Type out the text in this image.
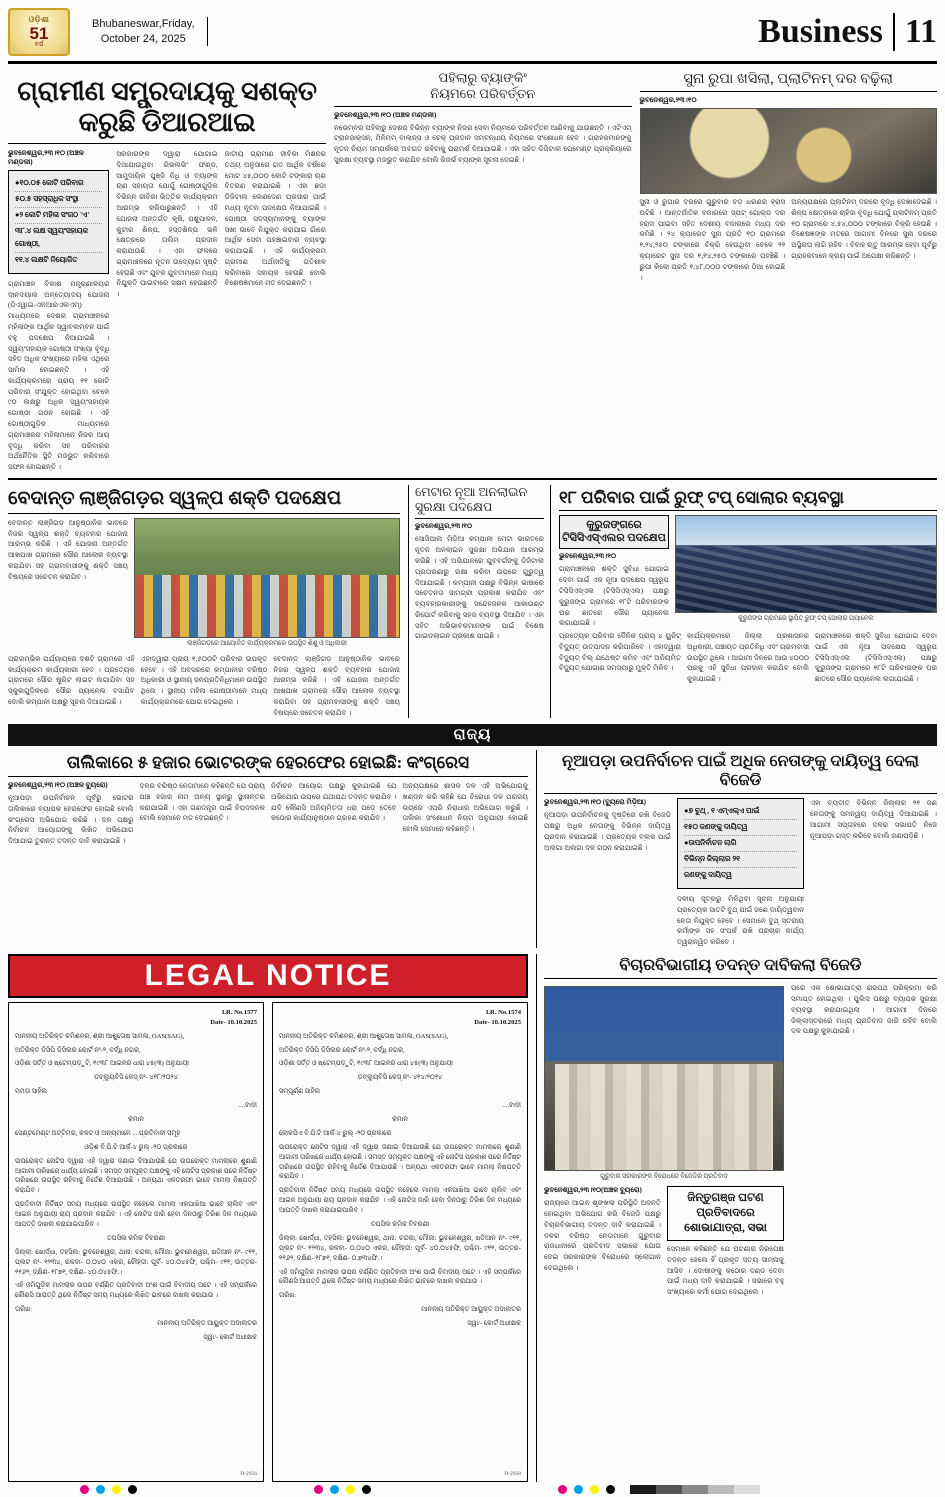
ଓଡ଼ିଶା
51
ବର୍ଷ
Bhubaneswar,Friday,
October 24, 2025	Business 11
ଗ୍ରାମୀଣ ସମ୍ପ୍ରଦାୟକୁ ସଶକ୍ତ କରୁଛି ଡିଆରଆଇ
ଭୁବନେଶ୍ୱର,୨୩।୧୦ (ଅଞ୍ଚଳ ମଣ୍ଡଳୀ)
●୧୦.୦୫ କୋଟି ପରିବାର
୫୦.୫ ସହସ୍ରାଧିକ ସଂସ୍ଥା
●୨ କୋଟି ମହିଳା ସଂଗଠ 'ଏ'
୩୮.୪ ଲକ୍ଷ ସ୍ୱୟଂସହାୟକ ଗୋଷ୍ଠୀ,
୧୧.୪ ଲକ୍ଷଟି ନିୟୋଜିତ
ଗ୍ରାମାଞ୍ଚଳ ବିକାଶ ମନ୍ତ୍ରଣାଳୟର ଦୀନଦୟାଲ ଅନ୍ତ୍ୟୋଦୟ ଯୋଜନା (ଡିଏୱାଇ-ଏନଆରଏଲଏମ୍) ମାଧ୍ୟମରେ ଦେଶର ଗ୍ରାମାଞ୍ଚଳରେ ମହିଳାଙ୍କ ଆର୍ଥିକ ସ୍ୱାବଲମ୍ବନ ପାଇଁ ବହୁ ପଦକ୍ଷେପ ନିଆଯାଇଛି । ସ୍ୱୟଂସହାୟକ ଗୋଷ୍ଠୀ ସଂଖ୍ୟା ବୃଦ୍ଧି ସହିତ ଅଧିକ ସଂଖ୍ୟାରେ ମହିଳା ଏଥିରେ ସାମିଲ ହୋଇଛନ୍ତି । ଏହି କାର୍ଯ୍ୟକ୍ରମରେ ପ୍ରାୟ ୧୧ କୋଟି ପରିବାର ସଂଯୁକ୍ତ ହୋଇଥିବା ବେଳେ ୯୦ ଲକ୍ଷରୁ ଅଧିକ ସ୍ୱୟଂସହାୟକ ଗୋଷ୍ଠୀ ଗଠନ ହୋଇଛି । ଏହି ଗୋଷ୍ଠୀଗୁଡ଼ିକ ମାଧ୍ୟମରେ ଗ୍ରାମାଞ୍ଚଳର ମହିଳାମାନେ ନିଜର ଆୟ ବୃଦ୍ଧି କରିବା ସହ ପରିବାରର ଅର୍ଥନୈତିକ ସ୍ଥିତି ମଜଭୁତ କରିବାରେ ସଫଳ ହୋଇଛନ୍ତି ।
ସରକାରଙ୍କ ଦ୍ୱାରା ଯୋଗାଇ ଦିଆଯାଉଥିବା ରିଭଲଭିଂ ଫଣ୍ଡ, ସାମୁଦାୟିକ ପୁଞ୍ଜି ନିଧି ଓ ବ୍ୟାଙ୍କ ଋଣ ସହାୟତା ଯୋଗୁଁ ଗୋଷ୍ଠୀଗୁଡ଼ିକ ବିଭିନ୍ନ ଜୀବିକା ଭିତ୍ତିକ କାର୍ଯ୍ୟକ୍ରମ ଆରମ୍ଭ କରିପାରୁଛନ୍ତି । ଏହି ଯୋଜନା ଅନ୍ତର୍ଗତ କୃଷି, ପଶୁପାଳନ, କୁଟୀର ଶିଳ୍ପ, ହସ୍ତଶିଳ୍ପ ଭଳି କ୍ଷେତ୍ରରେ ତାଲିମ ପ୍ରଦାନ କରାଯାଉଛି । ଏହା ଫଳରେ ଗ୍ରାମାଞ୍ଚଳରେ ନୂତନ ଉଦ୍ୟୋଗ ସୃଷ୍ଟି ହେଉଛି ଏବଂ ଯୁବକ ଯୁବତୀମାନେ ମଧ୍ୟ ନିଯୁକ୍ତି ପାଇବାରେ ସକ୍ଷମ ହେଉଛନ୍ତି ।
ଜାତୀୟ ଗ୍ରାମୀଣ ଜୀବିକା ମିଶନର ତଥ୍ୟ ଅନୁସାରେ ଗତ ଆର୍ଥିକ ବର୍ଷରେ ମୋଟ ୪୫,୦୦୦ କୋଟି ଟଙ୍କାର ଋଣ ବିତରଣ କରାଯାଇଛି । ଏହା ଛଡ଼ା ଡିଜିଟାଲ ଲେଣଦେଣ ପ୍ରସାର ପାଇଁ ମଧ୍ୟ ନୂତନ ପଦକ୍ଷେପ ନିଆଯାଇଛି । ଗୋଷ୍ଠୀ ସଦସ୍ୟମାନଙ୍କୁ ବ୍ୟାଙ୍କ ସଖୀ ଭାବେ ନିଯୁକ୍ତ କରାଯାଇ ଗାଁରେ ଆର୍ଥିକ ସେବା ପହଞ୍ଚାଇବାର ବ୍ୟବସ୍ଥା କରାଯାଇଛି । ଏହି କାର୍ଯ୍ୟକ୍ରମ ଗ୍ରାମୀଣ ଅର୍ଥନୀତିକୁ ଗତିଶୀଳ କରିବାରେ ସହାୟକ ହେଉଛି ବୋଲି ବିଶେଷଜ୍ଞମାନେ ମତ ଦେଇଛନ୍ତି ।
ପହିଲାରୁ ବ୍ୟାଙ୍କିଂ
ନିୟମରେ ପରିବର୍ତ୍ତନ
ଭୁବନେଶ୍ୱର,୨୩।୧୦ (ଅଞ୍ଚଳ ମଣ୍ଡଳୀ)
ନଭେମ୍ବର ପହିଲାରୁ ଦେଶର ବିଭିନ୍ନ ବ୍ୟାଙ୍କ ନିଜର ସେବା ନିୟମରେ ପରିବର୍ତ୍ତନ ଆଣିବାକୁ ଯାଉଛନ୍ତି । ଏଟିଏମ୍ ଟ୍ରାନଜାକ୍ସନ, ମିନିମମ୍ ବାଲାନ୍ସ ଓ ଚେକ୍ ପ୍ରଦାନ ସମ୍ବନ୍ଧୀୟ ନିୟମରେ ସଂଶୋଧନ ହେବ । ଗ୍ରାହକମାନଙ୍କୁ ନୂତନ ନିୟମ ସମ୍ପର୍କରେ ଅବଗତ ରହିବାକୁ ପରାମର୍ଶ ଦିଆଯାଇଛି । ଏହା ସହିତ ଡିଜିଟାଲ ପେମେଣ୍ଟ ପ୍ରକ୍ରିୟାରେ ସୁରକ୍ଷା ବ୍ୟବସ୍ଥା ମଜଭୁତ କରାଯିବ ବୋଲି ରିଜର୍ଭ ବ୍ୟାଙ୍କ ସୂଚନା ଦେଇଛି ।
ସୁନା ରୁପା ଖସିଲା, ପ୍ଲାଟିନମ୍ ଦର ବଢ଼ିଲା
ଭୁବନେଶ୍ୱର,୨୩।୧୦
ସୁନା ଓ ରୁପାର ଦରରେ ଗୁରୁବାର ବଡ଼ ଧରଣର ହ୍ରାସ ଘଟିଛି । ଆନ୍ତର୍ଜାତିକ ବଜାରରେ ସ୍ପଟ୍ ଗୋଲ୍ଡ ଦର ହ୍ରାସ ପାଇବା ସହିତ ଦେଶୀୟ ବଜାରରେ ମଧ୍ୟ ଦର କମିଛି । ୨୪ କ୍ୟାରେଟ ସୁନା ପ୍ରତି ୧୦ ଗ୍ରାମରେ ୧,୨୪,୨୫୦ ଟଙ୍କାରେ ବିକ୍ରି ହେଉଥିବା ବେଳେ ୨୨ କ୍ୟାରେଟ ସୁନା ଦର ୧,୧୪,୨୫୦ ଟଙ୍କାରେ ପହଞ୍ଚିଛି । ରୁପା କିଲୋ ପ୍ରତି ୧,୪୮,୦୦୦ ଟଙ୍କାରେ ଠିଆ ହୋଇଛି ।
ଅନ୍ୟପକ୍ଷରେ ପ୍ଲାଟିନମ୍ ଦରରେ ବୃଦ୍ଧି ଦେଖାଦେଇଛି । ଶିଳ୍ପ କ୍ଷେତ୍ରରେ ଚାହିଦା ବୃଦ୍ଧି ଯୋଗୁଁ ପ୍ଲାଟିନମ୍ ପ୍ରତି ୧୦ ଗ୍ରାମରେ ୪,୫୪,୦୦୦ ଟଙ୍କାରେ ବିକ୍ରି ହେଉଛି । ବିଶେଷଜ୍ଞଙ୍କ ମତରେ ଆଗାମୀ ଦିନରେ ସୁନା ଦରରେ ଅସ୍ଥିରତା ଲାଗି ରହିବ । ବିବାହ ଋତୁ ଆରମ୍ଭ ହେବା ପୂର୍ବରୁ ଗ୍ରାହକମାନେ କ୍ରୟ ପାଇଁ ଅପେକ୍ଷା କରିଛନ୍ତି ।
ବେଦାନ୍ତ ଲାଞ୍ଜିଗଡ଼ର ସ୍ୱଳ୍ପ ଶକ୍ତି ପଦକ୍ଷେପ
ବେଦାନ୍ତ ଲାଞ୍ଜିଗଡ଼ ଆନୁଷ୍ଠାନିକ ଭାବରେ ନିଜର ସ୍ୱଳ୍ପ ଶକ୍ତି ବ୍ୟବହାର ଯୋଜନା ଆରମ୍ଭ କରିଛି । ଏହି ଯୋଜନା ଅନ୍ତର୍ଗତ ଆଖପାଖ ଗ୍ରାମରେ ସୌର ଆଲୋକ ବ୍ୟବସ୍ଥା କରାଯିବା ସହ ଗ୍ରାମବାସୀଙ୍କୁ ଶକ୍ତି ସଞ୍ଚୟ ବିଷୟରେ ସଚେତନ କରାଯିବ ।
ଲାଞ୍ଜିଗଡ଼ରେ ଆୟୋଜିତ କାର୍ଯ୍ୟକ୍ରମରେ ଉପସ୍ଥିତ ଶିଶୁ ଓ ଅଧିକାରୀ
ପ୍ରାରମ୍ଭିକ ପର୍ଯ୍ୟାୟରେ ଦଶଟି ଗ୍ରାମରେ ଏହି କାର୍ଯ୍ୟକ୍ରମ କାର୍ଯ୍ୟକାରୀ ହେବ । ପ୍ରତ୍ୟେକ ଗ୍ରାମରେ ସୌର ଷ୍ଟ୍ରିଟ ଲାଇଟ ଲଗାଯିବା ସହ ସ୍କୁଲଗୁଡ଼ିକରେ ସୌର ପ୍ୟାନେଲ ବସାଯିବ ବୋଲି କମ୍ପାନୀ ପକ୍ଷରୁ ସୂଚନା ଦିଆଯାଇଛି ।
ଏହାଦ୍ୱାରା ପ୍ରାୟ ୧,୫୦୦ଟି ପରିବାର ଉପକୃତ ହେବେ । ଏହି ଅବସରରେ କମ୍ପାନୀର ବରିଷ୍ଠ ଅଧିକାରୀ ଓ ସ୍ଥାନୀୟ ଜନପ୍ରତିନିଧିମାନେ ଉପସ୍ଥିତ ଥିଲେ । ସ୍ଥାନୀୟ ମହିଳା ଗୋଷ୍ଠୀମାନେ ମଧ୍ୟ କାର୍ଯ୍ୟକ୍ରମରେ ଯୋଗ ଦେଇଥିଲେ ।
ବେଦାନ୍ତ ଲାଞ୍ଜିଗଡ଼ ଆନୁଷ୍ଠାନିକ ଭାବରେ ନିଜର ସ୍ୱଳ୍ପ ଶକ୍ତି ବ୍ୟବହାର ଯୋଜନା ଆରମ୍ଭ କରିଛି । ଏହି ଯୋଜନା ଅନ୍ତର୍ଗତ ଆଖପାଖ ଗ୍ରାମରେ ସୌର ଆଲୋକ ବ୍ୟବସ୍ଥା କରାଯିବା ସହ ଗ୍ରାମବାସୀଙ୍କୁ ଶକ୍ତି ସଞ୍ଚୟ ବିଷୟରେ ସଚେତନ କରାଯିବ ।
ମେଟାର ନୂଆ ଅନଲାଇନ
ସୁରକ୍ଷା ପଦକ୍ଷେପ
ଭୁବନେଶ୍ୱର,୨୩।୧୦
ସୋସିଆଲ ମିଡ଼ିଆ କମ୍ପାନୀ ମେଟା ଭାରତରେ ନୂତନ ଅନଲାଇନ ସୁରକ୍ଷା ଅଭିଯାନ ଆରମ୍ଭ କରିଛି । ଏହି ଅଭିଯାନରେ ଯୁବବର୍ଗଙ୍କୁ ଡିଜିଟାଲ ପ୍ରତାରଣାରୁ ରକ୍ଷା କରିବା ଉପରେ ଗୁରୁତ୍ୱ ଦିଆଯାଇଛି । କମ୍ପାନୀ ପକ୍ଷରୁ ବିଭିନ୍ନ ଭାଷାରେ ସଚେତନତା ସାମଗ୍ରୀ ପ୍ରକାଶ କରାଯିବ ଏବଂ ବ୍ୟବହାରକାରୀଙ୍କୁ ସନ୍ଦେହଜନକ ଆକାଉଣ୍ଟ ରିପୋର୍ଟ କରିବାକୁ ସହଜ ବ୍ୟବସ୍ଥା ଦିଆଯିବ । ଏହା ସହିତ ଅଭିଭାବକମାନଙ୍କ ପାଇଁ ବିଶେଷ ଗାଇଡଲାଇନ ପ୍ରକାଶ ପାଇଛି ।
୧୮ ପରିବାର ପାଇଁ ରୁଫ୍ ଟପ୍ ସୋଲାର ବ୍ୟବସ୍ଥା
କୁରୁଜଙ୍ଗରେ
ଟିସିସିଏସ୍ଏଲର ପଦକ୍ଷେପ
ଭୁବନେଶ୍ୱର,୨୩।୧୦
ଗ୍ରାମାଞ୍ଚଳରେ ଶକ୍ତି ସୁବିଧା ଯୋଗାଇ ଦେବା ପାଇଁ ଏକ ନୂଆ ପଦକ୍ଷେପ ସ୍ୱରୂପ ଟିସିସିଏସ୍ଏଲ (ଟିସିସିଏସ୍ଏଲ) ପକ୍ଷରୁ କୁରୁଜଙ୍ଗ ଗ୍ରାମରେ ୧୮ଟି ପରିବାରଙ୍କ ଘର ଛାତରେ ସୌର ପ୍ୟାନେଲ ଲଗାଯାଇଛି ।
କୁରୁଜଙ୍ଗ ଗ୍ରାମରେ ସ୍ଥାପିତ ରୁଫ୍ ଟପ୍ ସୋଲାର ପ୍ୟାନେଲ
ପ୍ରତ୍ୟେକ ପରିବାର ଦୈନିକ ପ୍ରାୟ ୪ ୟୁନିଟ୍ ବିଦ୍ୟୁତ୍ ଉତ୍ପାଦନ କରିପାରିବେ । ଏହାଦ୍ୱାରା ବିଦ୍ୟୁତ୍ ବିଲ୍ ଯଥେଷ୍ଟ କମିବ ଏବଂ ଅନିୟମିତ ବିଦ୍ୟୁତ୍ ଯୋଗାଣ ସମସ୍ୟାରୁ ମୁକ୍ତି ମିଳିବ ।
କାର୍ଯ୍ୟକ୍ରମରେ ଜିଲ୍ଲା ପ୍ରଶାସନର ଅଧିକାରୀ, ପଞ୍ଚାୟତ ପ୍ରତିନିଧି ଏବଂ ଗ୍ରାମବାସୀ ଉପସ୍ଥିତ ଥିଲେ । ଆଗାମୀ ଦିନରେ ଆଉ ୪୦୦୦ ଘରକୁ ଏହି ସୁବିଧା ପ୍ରଦାନ କରାଯିବ ବୋଲି କୁହାଯାଇଛି ।
ଗ୍ରାମାଞ୍ଚଳରେ ଶକ୍ତି ସୁବିଧା ଯୋଗାଇ ଦେବା ପାଇଁ ଏକ ନୂଆ ପଦକ୍ଷେପ ସ୍ୱରୂପ ଟିସିସିଏସ୍ଏଲ (ଟିସିସିଏସ୍ଏଲ) ପକ୍ଷରୁ କୁରୁଜଙ୍ଗ ଗ୍ରାମରେ ୧୮ଟି ପରିବାରଙ୍କ ଘର ଛାତରେ ସୌର ପ୍ୟାନେଲ ଲଗାଯାଇଛି ।
ରାଜ୍ୟ
ତାଲିକାରେ ୫ ହଜାର ଭୋଟରଙ୍କ ହେରଫେର ହୋଇଛି: କଂଗ୍ରେସ
ଭୁବନେଶ୍ୱର,୨୩।୧୦ (ଅଞ୍ଚଳ ବ୍ୟୁରୋ)
ନୂଆପଡ଼ା ଉପନିର୍ବାଚନ ପୂର୍ବରୁ ଭୋଟର ତାଲିକାରେ ବ୍ୟାପକ ହେରଫେର ହୋଇଛି ବୋଲି କଂଗ୍ରେସ ଅଭିଯୋଗ କରିଛି । ଦଳ ପକ୍ଷରୁ ନିର୍ବାଚନ ଆୟୋଗଙ୍କୁ ଲିଖିତ ଅଭିଯୋଗ ଦିଆଯାଇ ତୁରନ୍ତ ତଦନ୍ତ ଦାବି କରାଯାଇଛି ।
ଦଳର ବରିଷ୍ଠ ନେତାମାନେ କହିଛନ୍ତି ଯେ ପ୍ରାୟ ପାଞ୍ଚ ହଜାର ନାମ ଅନ୍ୟ ସ୍ଥାନରୁ ସ୍ଥାନାନ୍ତର କରାଯାଇଛି । ଏହା ଗଣତନ୍ତ୍ର ପାଇଁ ବିପଦଜନକ ବୋଲି ସେମାନେ ମତ ଦେଇଛନ୍ତି ।
ନିର୍ବାଚନ ଆୟୋଗ ପକ୍ଷରୁ କୁହାଯାଇଛି ଯେ ଅଭିଯୋଗ ଉପରେ ଯଥାଯଥ ତଦନ୍ତ କରାଯିବ । ଯଦି କୌଣସି ଅନିୟମିତତା ଧରା ପଡ଼େ ତେବେ କଠୋର କାର୍ଯ୍ୟାନୁଷ୍ଠାନ ଗ୍ରହଣ କରାଯିବ ।
ଅନ୍ୟପକ୍ଷରେ ଶାସକ ଦଳ ଏହି ଅଭିଯୋଗକୁ ଖଣ୍ଡନ କରି କହିଛି ଯେ ବିରୋଧୀ ଦଳ ପରାଜୟ ଭୟରେ ଏପରି ନିରାଧାର ଅଭିଯୋଗ କରୁଛି । ତାଲିକା ସଂଶୋଧନ ନିୟମ ଅନୁଯାୟୀ ହୋଇଛି ବୋଲି ସେମାନେ କହିଛନ୍ତି ।
ନୂଆପଡ଼ା ଉପନିର୍ବାଚନ ପାଇଁ ଅଧିକ ନେତାଙ୍କୁ ଦାୟିତ୍ୱ ଦେଲା ବିଜେଡି
ଭୁବନେଶ୍ୱର,୨୩।୧୦ (ବ୍ୟୁରୋ ମିଡ଼ିଆ)
ନୂଆପଡ଼ା ଉପନିର୍ବାଚନକୁ ଦୃଷ୍ଟିରେ ରଖି ବିଜେଡି ପକ୍ଷରୁ ଅଧିକ ନେତାଙ୍କୁ ବିଭିନ୍ନ ଦାୟିତ୍ୱ ପ୍ରଦାନ କରାଯାଇଛି । ପ୍ରତ୍ୟେକ ବ୍ଲକ ପାଇଁ ଅଲଗା ଅଲଗା ଦଳ ଗଠନ କରାଯାଇଛି ।
●୭ ବୁଥ୍ , ୧ ଏମ୍ଏଲ୍ଏ ପାଇଁ
୧୫୦ ଜଣଙ୍କୁ ଦାୟିତ୍ୱ
●ଉପନିର୍ବାଚନ ଲାଗି
ବିଭିନ୍ନ ଜିଲ୍ଲାର ୨୧
ଜଣଙ୍କୁ ଦାୟିତ୍ୱ
ଦଳୀୟ ସୂତ୍ରରୁ ମିଳିଥିବା ସୂଚନା ଅନୁଯାୟୀ ପ୍ରତ୍ୟେକ ସାତଟି ବୁଥ୍ ପାଇଁ ଜଣେ ଦାୟିତ୍ୱବାନ ନେତା ନିଯୁକ୍ତ ହେବେ । ସେମାନେ ବୁଥ୍ ସ୍ତରୀୟ କର୍ମୀଙ୍କ ସହ ସଂପର୍କ ରଖି ପ୍ରଚାର କାର୍ଯ୍ୟ ତ୍ୱରାନ୍ୱିତ କରିବେ ।
ଏହା ବ୍ୟତୀତ ବିଭିନ୍ନ ଜିଲ୍ଲାର ୨୧ ଜଣ ନେତାଙ୍କୁ ସମନ୍ୱୟ ଦାୟିତ୍ୱ ଦିଆଯାଇଛି । ଆଗାମୀ ସପ୍ତାହରେ ଦଳର ସଭାପତି ନିଜେ ନୂଆପଡ଼ା ଗସ୍ତ କରିବେ ବୋଲି ଜଣାପଡ଼ିଛି ।
LEGAL NOTICE
I.R. No.1577
Date- 10.10.2025

ମାନନୀୟ ଅତିରିକ୍ତ କମିଶନର, ଶ୍ରୀ ଆଶୁତୋଷ ସାମଲ, OAS(SAG),

ଅତିରିକ୍ତ ଡିସିପି ଡିସିଲର କୋର୍ଟ ନଂ-୨, ବର୍ଦ୍ଧି ନଗର,

ଓଡ଼ିଶା ସର୍ତ୍ତ ଓ ଷ୍ଟେମ୍ପଡ଼ୁଟି, ୧୯୩୮ ଆଇନର ଧାରା ୪୫(୩) ଅନୁଯାୟୀ

ଡବ୍ଲ୍ୟୁବିସି କେସ୍ ନଂ- ୪୧୮/୨୦୨୪

ମମତା ସାହିଲ

....ବାଦୀ

କମାନ

ସେଣ୍ଟମେଣ୍ଟ ଅଟ୍ଟିମର, କଳଟ ଓ ଅନ୍ୟମାନେ ....ପ୍ରତିବାଦୀ ସମୂହ

ଓଡ଼ିଶ ବି.ପି.ଟି ଆର୍କ-୪ ରୁଲ୍ -୨୦ ପ୍ରକାରେ

ଉପରୋକ୍ତ ନୋଟିସ ଦ୍ୱାରା ଏହି ଦ୍ୱାରା ଜଣାଇ ଦିଆଯାଉଛି ଯେ ଉପରୋକ୍ତ ମାମଲାରେ ଶୁଣାଣି ଆଗାମୀ ତାରିଖରେ ଧାର୍ଯ୍ୟ ହୋଇଛି । ସମସ୍ତ ସମ୍ପୃକ୍ତ ପକ୍ଷଙ୍କୁ ଏହି ନୋଟିସ ପ୍ରକାଶ ପରେ ନିର୍ଦ୍ଦିଷ୍ଟ ତାରିଖରେ ଉପସ୍ଥିତ ରହିବାକୁ ନିର୍ଦ୍ଦେଶ ଦିଆଯାଉଛି । ଅନ୍ୟଥା ଏକତରଫା ଭାବେ ମାମଲା ନିଷ୍ପତ୍ତି କରାଯିବ ।

ପ୍ରତିବାଦୀ ନିର୍ଦ୍ଦିଷ୍ଟ ସମୟ ମଧ୍ୟରେ ଉପସ୍ଥିତ ନହେଲେ ମାମଲା ଏକପାଖିଆ ଭାବେ ଚାଲିବ ଏବଂ ଆଇନ ଅନୁଯାୟୀ ରାୟ ପ୍ରଦାନ କରାଯିବ । ଏହି ନୋଟିସ ଜାରି ହେବା ଦିନଠାରୁ ତିରିଶ ଦିନ ମଧ୍ୟରେ ଆପତ୍ତି ଦାଖଲ କରାଯାଇପାରିବ ।

ତପସିଲ କମିକ ବିବରଣୀ

ଜିଲ୍ଲା: ଖୋର୍ଦ୍ଧା, ତହସିଲ: ଭୁବନେଶ୍ୱର, ଥାନା: ଚନ୍ଦକା, ମୌଜା: ଭୁବନେଶ୍ୱର, ଖତିଆନ ନଂ- ୯୧୧, ପ୍ଲଟ ନଂ- ୧୨୩୪, ରକବା- ୦.୦୪୦ ଏକର, ଚୌହଦ୍ଦୀ: ପୂର୍ବ- ୪୦.୦୪୫ଫି, ପଶ୍ଚିମ- ୯୧୧, ଉତ୍ତର- ୧୧୬୨, ଦକ୍ଷିଣ- ୧୮୭୧, ଦକ୍ଷିଣ- ୪୦.୦୪୫ଫି.।

ଏହି ଜମିଗୁଡ଼ିକ ମାମଲାର ଉପର ବର୍ଣ୍ଣିତ ପ୍ରତିବାଦୀ ଅଂଶ ପାଇଁ ବିବାଦୀୟ ଅଟେ । ଏହି ସମ୍ପର୍କରେ କୌଣସି ଆପତ୍ତି ଥିଲେ ନିର୍ଦ୍ଦିଷ୍ଟ ସମୟ ମଧ୍ୟରେ ଲିଖିତ ଭାବରେ ଦାଖଲ କରାଯାଉ ।

ତାରିଖ:

ମାନନୀୟ ଅତିରିକ୍ତ ଆୟୁକ୍ତ ଅଦାଲତର

ସ୍ୱା/- କୋର୍ଟ ଅଧୀକ୍ଷକ

D-2956
I.R. No.1574
Date- 10.10.2025

ମାନନୀୟ ଅତିରିକ୍ତ କମିଶନର, ଶ୍ରୀ ଆଶୁତୋଷ ସାମଲ, OAS(SAG),

ଅତିରିକ୍ତ ଡିସିପି ଡିସିଲର କୋର୍ଟ ନଂ-୨, ବର୍ଦ୍ଧି ନଗର,

ଓଡ଼ିଶା ସର୍ତ୍ତ ଓ ଷ୍ଟେମ୍ପଡ଼ୁଟି, ୧୯୩୮ ଆଇନର ଧାରା ୪୫(୩) ଅନୁଯାୟୀ

ଡବ୍ଲ୍ୟୁବିସି କେସ୍ ନଂ- ୪୧୪/୨୦୨୪

ସମ୍ପୂର୍ଣ୍ଣ ସାହିଲ

....ବାଦୀ

କମାନ

ଲୋକପିଏ ବି.ପି.ଟି ଆର୍କ-୪ ରୁଲ୍ -୨୦ ପ୍ରକାରେ

ଉପରୋକ୍ତ ନୋଟିସ ଦ୍ୱାରା ଏହି ଦ୍ୱାରା ଜଣାଇ ଦିଆଯାଉଛି ଯେ ଉପରୋକ୍ତ ମାମଲାରେ ଶୁଣାଣି ଆଗାମୀ ତାରିଖରେ ଧାର୍ଯ୍ୟ ହୋଇଛି । ସମସ୍ତ ସମ୍ପୃକ୍ତ ପକ୍ଷଙ୍କୁ ଏହି ନୋଟିସ ପ୍ରକାଶ ପରେ ନିର୍ଦ୍ଦିଷ୍ଟ ତାରିଖରେ ଉପସ୍ଥିତ ରହିବାକୁ ନିର୍ଦ୍ଦେଶ ଦିଆଯାଉଛି । ଅନ୍ୟଥା ଏକତରଫା ଭାବେ ମାମଲା ନିଷ୍ପତ୍ତି କରାଯିବ ।

ପ୍ରତିବାଦୀ ନିର୍ଦ୍ଦିଷ୍ଟ ସମୟ ମଧ୍ୟରେ ଉପସ୍ଥିତ ନହେଲେ ମାମଲା ଏକପାଖିଆ ଭାବେ ଚାଲିବ ଏବଂ ଆଇନ ଅନୁଯାୟୀ ରାୟ ପ୍ରଦାନ କରାଯିବ । ଏହି ନୋଟିସ ଜାରି ହେବା ଦିନଠାରୁ ତିରିଶ ଦିନ ମଧ୍ୟରେ ଆପତ୍ତି ଦାଖଲ କରାଯାଇପାରିବ ।

ତପସିଲ କମିକ ବିବରଣୀ

ଜିଲ୍ଲା: ଖୋର୍ଦ୍ଧା, ତହସିଲ: ଭୁବନେଶ୍ୱର, ଥାନା: ଚନ୍ଦକା, ମୌଜା: ଭୁବନେଶ୍ୱର, ଖତିଆନ ନଂ- ୯୧୧, ପ୍ଲଟ ନଂ- ୧୨୩୪, ରକବା- ୦.୦୪୦ ଏକର, ଚୌହଦ୍ଦୀ: ପୂର୍ବ- ୪୦.୦୪୫ଫି, ପଶ୍ଚିମ- ୯୧୧, ଉତ୍ତର- ୧୧୬୨, ଦକ୍ଷିଣ- ୧୮୭୧, ଦକ୍ଷିଣ- ୦.୭୩୪ଫି.।

ଏହି ଜମିଗୁଡ଼ିକ ମାମଲାର ଉପର ବର୍ଣ୍ଣିତ ପ୍ରତିବାଦୀ ଅଂଶ ପାଇଁ ବିବାଦୀୟ ଅଟେ । ଏହି ସମ୍ପର୍କରେ କୌଣସି ଆପତ୍ତି ଥିଲେ ନିର୍ଦ୍ଦିଷ୍ଟ ସମୟ ମଧ୍ୟରେ ଲିଖିତ ଭାବରେ ଦାଖଲ କରାଯାଉ ।

ତାରିଖ:

ମାନନୀୟ ଅତିରିକ୍ତ ଆୟୁକ୍ତ ଅଦାଲତର

ସ୍ୱା/- କୋର୍ଟ ଅଧୀକ୍ଷକ

D-2958
ବିଚାରବିଭାଗୀୟ ତଦନ୍ତ ଦାବିକଲା ବିଜେଡି
ଗୁରୁବାର ସରକାରଙ୍କ ବିରୋଧରେ ବିଜେଡିର ପ୍ରତିବାଦ
ଭୁବନେଶ୍ୱର,୨୩।୧୦(ଅଞ୍ଚଳ ବ୍ୟୁରୋ)
ରାଜ୍ୟରେ ଆଇନ ଶୃଙ୍ଖଳା ପରିସ୍ଥିତି ଅବନତି ହୋଇଥିବା ଅଭିଯୋଗ କରି ବିଜେଡି ପକ୍ଷରୁ ବିଚାରବିଭାଗୀୟ ତଦନ୍ତ ଦାବି କରାଯାଇଛି । ଦଳର ବରିଷ୍ଠ ନେତାମାନେ ଗୁରୁବାର ରାଜଧାନୀରେ ପ୍ରତିବାଦ ସଭାରେ ଯୋଗ ଦେଇ ସରକାରଙ୍କ ବିରୋଧରେ ସ୍ଲୋଗାନ ଦେଇଥିଲେ ।
ଜିନ୍ତୁଗଞ୍ଜ ଘଟଣ
ପ୍ରତିବାଦରେ
ଶୋଭାଯାତ୍ରା, ସଭା
ସେମାନେ କହିଛନ୍ତି ଯେ ଘଟଣାର ନିରପେକ୍ଷ ତଦନ୍ତ ହେଲେ ହିଁ ପ୍ରକୃତ ସତ୍ୟ ସାମ୍ନାକୁ ଆସିବ । ଦୋଷୀଙ୍କୁ କଠୋର ଦଣ୍ଡ ଦେବା ପାଇଁ ମଧ୍ୟ ଦାବି କରାଯାଇଛି । ସଭାରେ ବହୁ ସଂଖ୍ୟାରେ କର୍ମୀ ଯୋଗ ଦେଇଥିଲେ ।
ପରେ ଏକ ଶୋଭାଯାତ୍ରା ରାଜପଥ ପରିକ୍ରମା କରି ସମାପ୍ତ ହୋଇଥିଲା । ପୁଲିସ ପକ୍ଷରୁ ବ୍ୟାପକ ସୁରକ୍ଷା ବ୍ୟବସ୍ଥା କରାଯାଇଥିଲା । ଆଗାମୀ ଦିନରେ ଜିଲ୍ଲାସ୍ତରରେ ମଧ୍ୟ ପ୍ରତିବାଦ ଜାରି ରହିବ ବୋଲି ଦଳ ପକ୍ଷରୁ କୁହାଯାଇଛି ।
